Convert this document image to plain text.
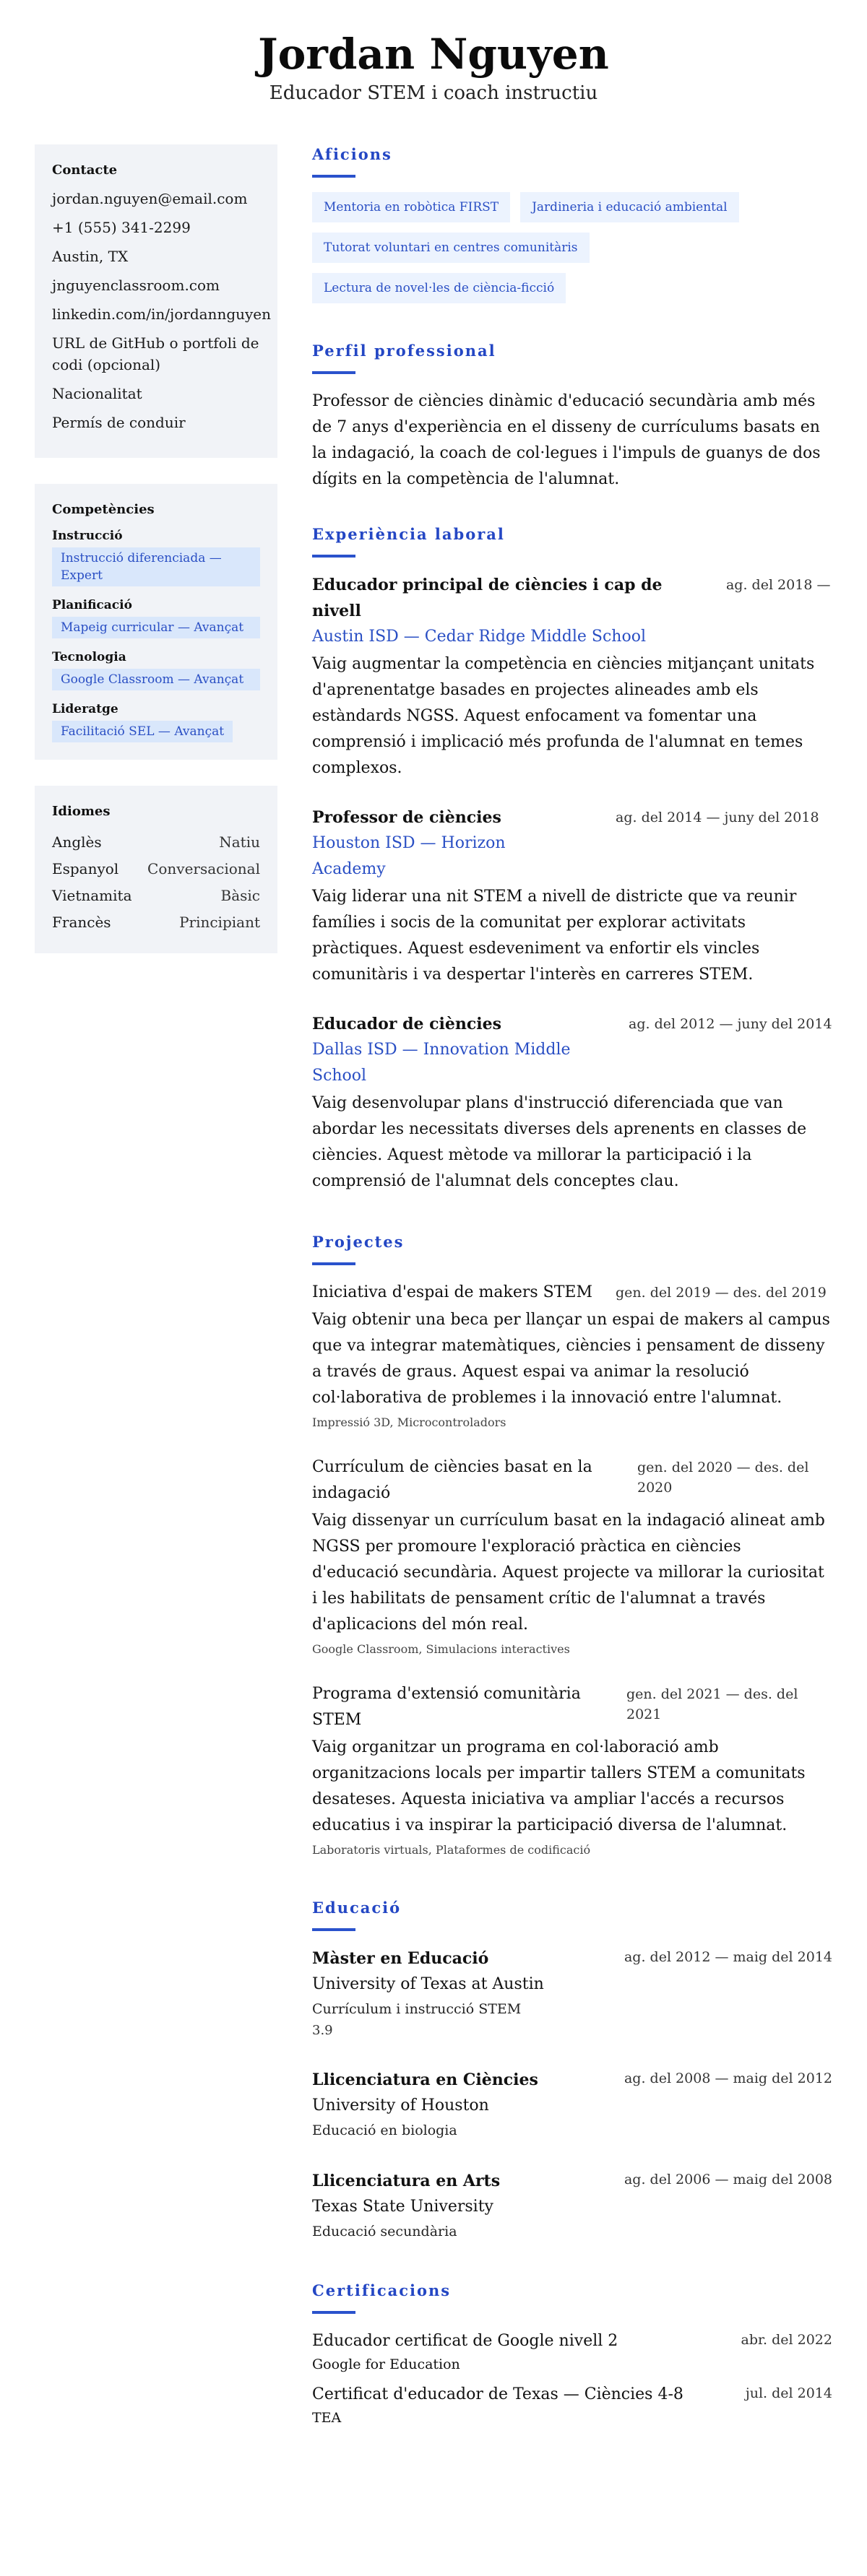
Jordan Nguyen
Educador STEM i coach instructiu
Contacte
jordan.nguyen@email.com
+1 (555) 341-2299
Austin, TX
jnguyenclassroom.com
linkedin.com/in/jordannguyen
URL de GitHub o portfoli de codi (opcional)
Nacionalitat
Permís de conduir
Competències
Instrucció
Instrucció diferenciada — Expert
Planificació
Mapeig curricular — Avançat
Tecnologia
Google Classroom — Avançat
Lideratge
Facilitació SEL — Avançat
Idiomes
Anglès	Natiu
Espanyol Conversacional
Vietnamita	Bàsic
Francès	Principiant
Aficions
Mentoria en robòtica FIRST	Jardineria i educació ambiental
Tutorat voluntari en centres comunitàris
Lectura de novel·les de ciència-ficció
Perfil professional

Professor de ciències dinàmic d'educació secundària amb més de 7 anys d'experiència en el disseny de currículums basats en la indagació, la coach de col·legues i l'impuls de guanys de dos dígits en la competència de l'alumnat.

Experiència laboral
Educador principal de ciències i cap de nivell
Austin ISD — Cedar Ridge Middle School
ag. del 2018 —

Vaig augmentar la competència en ciències mitjançant unitats d'aprenentatge basades en projectes alineades amb els estàndards NGSS. Aquest enfocament va fomentar una comprensió i implicació més profunda de l'alumnat en temes complexos.

Professor de ciències
Houston ISD — Horizon Academy
ag. del 2014 — juny del 2018

Vaig liderar una nit STEM a nivell de districte que va reunir famílies i socis de la comunitat per explorar activitats pràctiques. Aquest esdeveniment va enfortir els vincles comunitàris i va despertar l'interès en carreres STEM.

Educador de ciències
Dallas ISD — Innovation Middle School
ag. del 2012 — juny del 2014

Vaig desenvolupar plans d'instrucció diferenciada que van abordar les necessitats diverses dels aprenents en classes de ciències. Aquest mètode va millorar la participació i la comprensió de l'alumnat dels conceptes clau.

Projectes
Iniciativa d'espai de makers STEM	gen. del 2019 — des. del 2019

Vaig obtenir una beca per llançar un espai de makers al campus que va integrar matemàtiques, ciències i pensament de disseny a través de graus. Aquest espai va animar la resolució col·laborativa de problemes i la innovació entre l'alumnat.

Impressió 3D, Microcontroladors
Currículum de ciències basat en la indagació
gen. del 2020 — des. del 2020

Vaig dissenyar un currículum basat en la indagació alineat amb NGSS per promoure l'exploració pràctica en ciències d'educació secundària. Aquest projecte va millorar la curiositat i les habilitats de pensament crític de l'alumnat a través d'aplicacions del món real.

Google Classroom, Simulacions interactives
Programa d'extensió comunitària STEM
gen. del 2021 — des. del 2021

Vaig organitzar un programa en col·laboració amb organitzacions locals per impartir tallers STEM a comunitats desateses. Aquesta iniciativa va ampliar l'accés a recursos educatius i va inspirar la participació diversa de l'alumnat.

Laboratoris virtuals, Plataformes de codificació
Educació
Màster en Educació
University of Texas at Austin
Currículum i instrucció STEM
3.9
ag. del 2012 — maig del 2014
Llicenciatura en Ciències
University of Houston
Educació en biologia
ag. del 2008 — maig del 2012
Llicenciatura en Arts
Texas State University
Educació secundària
ag. del 2006 — maig del 2008
Certificacions
Educador certificat de Google nivell 2	abr. del 2022
Google for Education
Certificat d'educador de Texas — Ciències 4-8	jul. del 2014
TEA
